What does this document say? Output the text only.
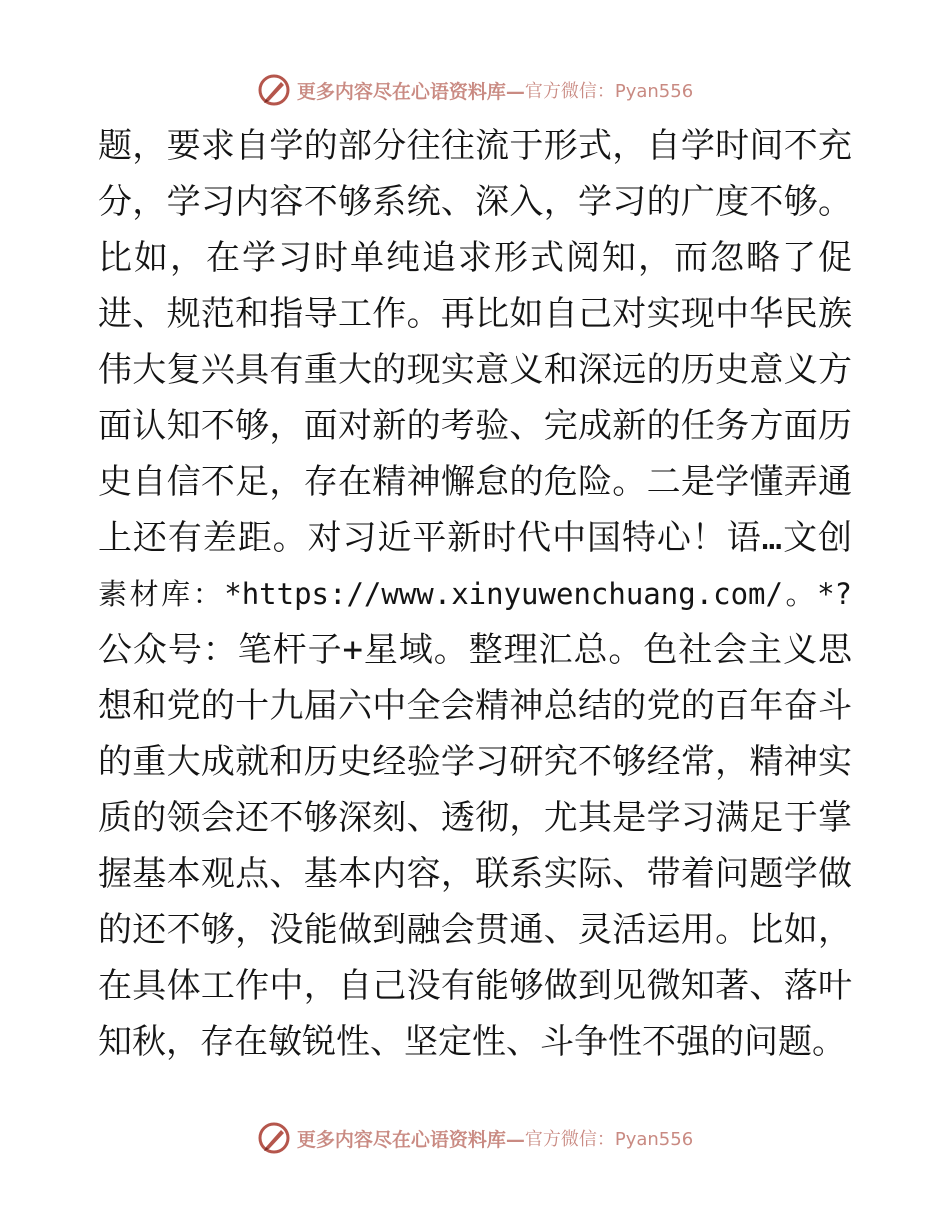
更多内容尽在心语资料库— 官方微信：Pyan556
题，要求自学的部分往往流于形式，自学时间不充
分，学习内容不够系统、深入，学习的广度不够。
比如，在学习时单纯追求形式阅知，而忽略了促
进、规范和指导工作。再比如自己对实现中华民族
伟大复兴具有重大的现实意义和深远的历史意义方
面认知不够，面对新的考验、完成新的任务方面历
史自信不足，存在精神懈怠的危险。二是学懂弄通
上还有差距。对习近平新时代中国特心！语…文创
素材库：*https://www.xinyuwenchuang.com/。*?
公众号：笔杆子+星域。整理汇总。色社会主义思
想和党的十九届六中全会精神总结的党的百年奋斗
的重大成就和历史经验学习研究不够经常，精神实
质的领会还不够深刻、透彻，尤其是学习满足于掌
握基本观点、基本内容，联系实际、带着问题学做
的还不够，没能做到融会贯通、灵活运用。比如，
在具体工作中，自己没有能够做到见微知著、落叶
知秋，存在敏锐性、坚定性、斗争性不强的问题。
更多内容尽在心语资料库— 官方微信：Pyan556
